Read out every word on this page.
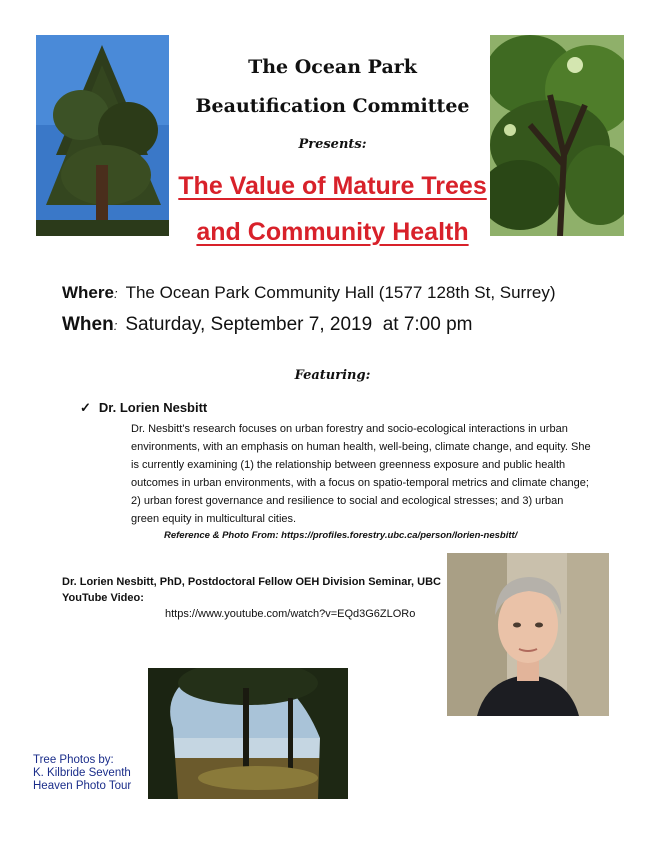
The Ocean Park
Beautification Committee
Presents:
The Value of Mature Trees
and Community Health
Where: The Ocean Park Community Hall (1577 128th St, Surrey)
When: Saturday, September 7, 2019  at 7:00 pm
Featuring:
✓ Dr. Lorien Nesbitt
Dr. Nesbitt's research focuses on urban forestry and socio-ecological interactions in urban environments, with an emphasis on human health, well-being, climate change, and equity. She is currently examining (1) the relationship between greenness exposure and public health outcomes in urban environments, with a focus on spatio-temporal metrics and climate change; 2) urban forest governance and resilience to social and ecological stresses; and 3) urban green equity in multicultural cities.
Reference & Photo From: https://profiles.forestry.ubc.ca/person/lorien-nesbitt/
Dr. Lorien Nesbitt, PhD, Postdoctoral Fellow OEH Division Seminar, UBC
YouTube Video:
https://www.youtube.com/watch?v=EQd3G6ZLORo
Tree Photos by:
K. Kilbride Seventh
Heaven Photo Tour
